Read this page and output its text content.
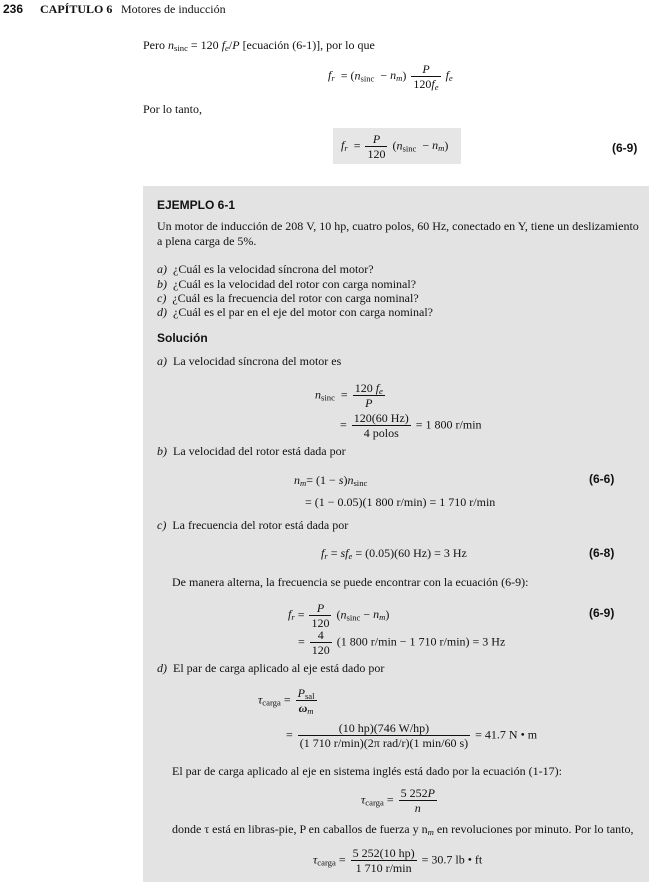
236 CAPÍTULO 6 Motores de inducción
Pero $n_{sinc} = 120$ $f_e/P$ [ecuación (6-1)], por lo que
$f_r = (n_{sinc} - n_m) \frac{P}{120f_e} f_e$
Por lo tanto,
$f_r = \frac{P}{120} (n_{sinc} - n_m)$	(6-9)
EJEMPLO 6-1
Un motor de inducción de 208 V, 10 hp, cuatro polos, 60 Hz, conectado en Y, tiene un deslizamiento a plena carga de 5%.
a) ¿Cuál es la velocidad síncrona del motor?
b) ¿Cuál es la velocidad del rotor con carga nominal?
c) ¿Cuál es la frecuencia del rotor con carga nominal?
d) ¿Cuál es el par en el eje del motor con carga nominal?
Solución
a) La velocidad síncrona del motor es
$n_{sinc} = \frac{120 f_e}{P}$
= $\frac{120(60 Hz)}{\text{4 polos}} = 1$ 800 r/min
b) La velocidad del rotor está dada por
$n_m= (1 - s)n_{sinc}$	(6-6)
= (1 − 0.05)(1 800 r/min) = 1 710 r/min
c) La frecuencia del rotor está dada por
$f_r = sf_e = (0.05)(60$ Hz) = 3 Hz	(6-8)
De manera alterna, la frecuencia se puede encontrar con la ecuación (6-9):
$f_r = \frac{P}{120} (n_{sinc} - n_m)$	(6-9)
= $\frac{4}{120} (1$ 800 r/min − 1 710 r/min) = 3 Hz
d) El par de carga aplicado al eje está dado por
$\tau_{carga} = \frac{P_{sal}}{\omega_m}$
= $\frac{(10 hp)(746 W/hp)}{\text{(1 710 r/min)(2π rad/r)(1 min/60 s)}} = 41.7$ N • m
El par de carga aplicado al eje en sistema inglés está dado por la ecuación (1-17):
$\tau_{carga} = \frac{5 252P}{n}$
donde τ está en libras-pie, P en caballos de fuerza y $n_m$ en revoluciones por minuto. Por lo tanto,
$\tau_{carga} = \frac{5 252(10 hp)}{1 710 r/\min} = 30.7$ lb • ft
